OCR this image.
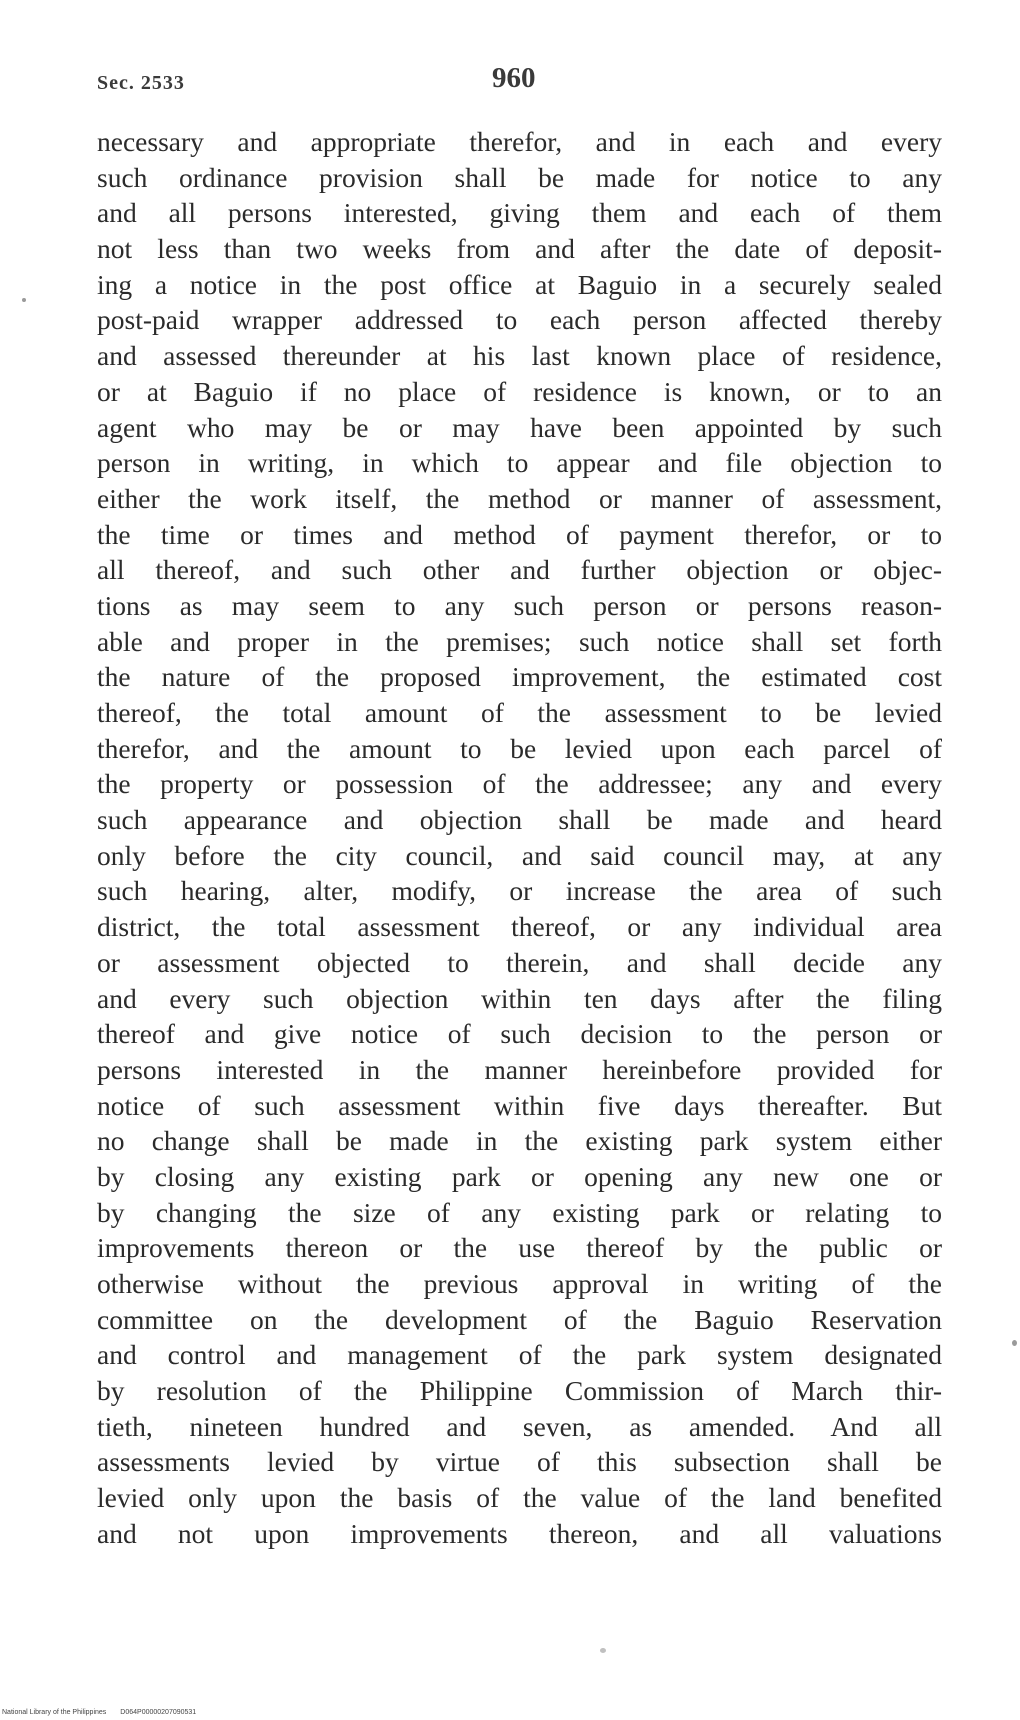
Sec. 2533	960
necessary and appropriate therefor, and in each and every
such ordinance provision shall be made for notice to any
and all persons interested, giving them and each of them
not less than two weeks from and after the date of deposit-
ing a notice in the post office at Baguio in a securely sealed
post-paid wrapper addressed to each person affected thereby
and assessed thereunder at his last known place of residence,
or at Baguio if no place of residence is known, or to an
agent who may be or may have been appointed by such
person in writing, in which to appear and file objection to
either the work itself, the method or manner of assessment,
the time or times and method of payment therefor, or to
all thereof, and such other and further objection or objec-
tions as may seem to any such person or persons reason-
able and proper in the premises; such notice shall set forth
the nature of the proposed improvement, the estimated cost
thereof, the total amount of the assessment to be levied
therefor, and the amount to be levied upon each parcel of
the property or possession of the addressee; any and every
such appearance and objection shall be made and heard
only before the city council, and said council may, at any
such hearing, alter, modify, or increase the area of such
district, the total assessment thereof, or any individual area
or assessment objected to therein, and shall decide any
and every such objection within ten days after the filing
thereof and give notice of such decision to the person or
persons interested in the manner hereinbefore provided for
notice of such assessment within five days thereafter. But
no change shall be made in the existing park system either
by closing any existing park or opening any new one or
by changing the size of any existing park or relating to
improvements thereon or the use thereof by the public or
otherwise without the previous approval in writing of the
committee on the development of the Baguio Reservation
and control and management of the park system designated
by resolution of the Philippine Commission of March thir-
tieth, nineteen hundred and seven, as amended. And all
assessments levied by virtue of this subsection shall be
levied only upon the basis of the value of the land benefited
and not upon improvements thereon, and all valuations
National Library of the Philippines D064P00000207090531
